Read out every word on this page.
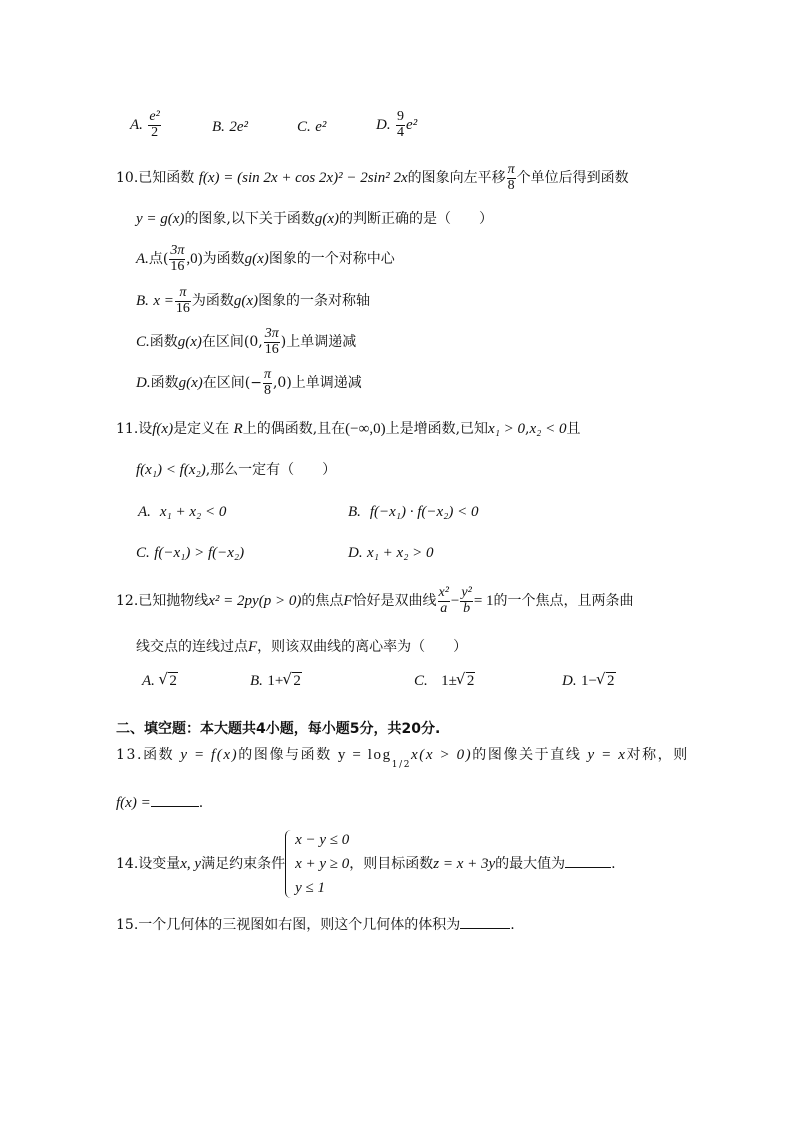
A. $\frac{\text{e²}}{2}$	B. 2e²	C. e²	D. $\frac{9}{4} e^2$
10.已知函数 f(x) = (sin 2x + cos 2x)² − 2sin² 2x的图象向左平移 $\frac{\pi}{8}$ 个单位后得到函数
y = g(x)的图象,以下关于函数g(x)的判断正确的是（　　）
A.点( $\frac{3\pi}{16} ,0$)为函数g(x)图象的一个对称中心
B. $x = \frac{\pi}{16}$ 为函数g(x)图象的一条对称轴
C.函数g(x)在区间(0, $\frac{3\pi}{16}$ )上单调递减
D.函数g(x)在区间(− $\frac{\pi}{8} ,0$)上单调递减
11.设f(x)是定义在 R上的偶函数,且在(−∞,0)上是增函数,已知x₁ > 0,x₂ < 0且
f(x₁) < f(x₂),那么一定有（　　）
A. x₁ + x₂ < 0	B. f(−x₁) · f(−x₂) < 0
C. f(−x₁) > f(−x₂)	D. x₁ + x₂ > 0
12.已知抛物线x² = 2py(p > 0)的焦点F恰好是双曲线 $\frac{\text{x²}}{a} - \frac{\text{y²}}{b} = 1$的一个焦点，且两条曲
线交点的连线过点F，则该双曲线的离心率为（　　）
A. √ 2	B. 1+ √ 2	C. 1± √ 2	D. 1− √ 2
二、填空题：本大题共4小题，每小题5分，共20分.
13.函数 y = f(x)的图像与函数 $y = \log_{1/2}x(x > 0)$的图像关于直线 y = x对称，则
f(x) =	.
14.设变量x, y满足约束条件
x − y ≤ 0
x + y ≥ 0
y ≤ 1
，则目标函数z = x + 3y的最大值为	.
15.一个几何体的三视图如右图，则这个几何体的体积为	.
